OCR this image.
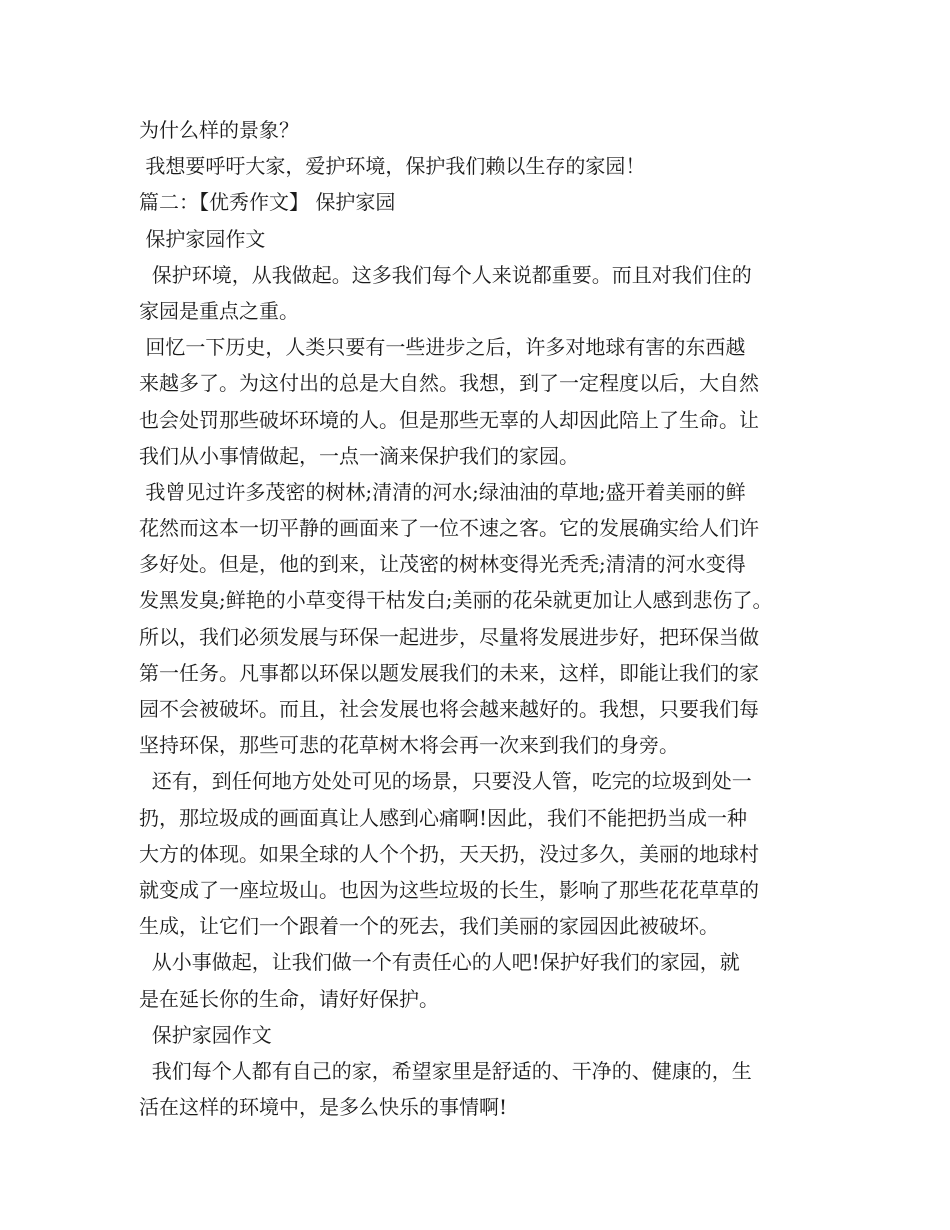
为什么样的景象？
我想要呼吁大家，爱护环境，保护我们赖以生存的家园！
篇二：【优秀作文】 保护家园
保护家园作文
保护环境，从我做起。这多我们每个人来说都重要。而且对我们住的
家园是重点之重。
回忆一下历史，人类只要有一些进步之后，许多对地球有害的东西越
来越多了。为这付出的总是大自然。我想，到了一定程度以后，大自然
也会处罚那些破坏环境的人。但是那些无辜的人却因此陪上了生命。让
我们从小事情做起，一点一滴来保护我们的家园。
我曾见过许多茂密的树林;清清的河水;绿油油的草地;盛开着美丽的鲜
花然而这本一切平静的画面来了一位不速之客。它的发展确实给人们许
多好处。但是，他的到来，让茂密的树林变得光秃秃;清清的河水变得
发黑发臭;鲜艳的小草变得干枯发白;美丽的花朵就更加让人感到悲伤了。
所以，我们必须发展与环保一起进步，尽量将发展进步好，把环保当做
第一任务。凡事都以环保以题发展我们的未来，这样，即能让我们的家
园不会被破坏。而且，社会发展也将会越来越好的。我想，只要我们每
坚持环保，那些可悲的花草树木将会再一次来到我们的身旁。
还有，到任何地方处处可见的场景，只要没人管，吃完的垃圾到处一
扔，那垃圾成的画面真让人感到心痛啊!因此，我们不能把扔当成一种
大方的体现。如果全球的人个个扔，天天扔，没过多久，美丽的地球村
就变成了一座垃圾山。也因为这些垃圾的长生，影响了那些花花草草的
生成，让它们一个跟着一个的死去，我们美丽的家园因此被破坏。
从小事做起，让我们做一个有责任心的人吧!保护好我们的家园，就
是在延长你的生命，请好好保护。
保护家园作文
我们每个人都有自己的家，希望家里是舒适的、干净的、健康的，生
活在这样的环境中，是多么快乐的事情啊!
